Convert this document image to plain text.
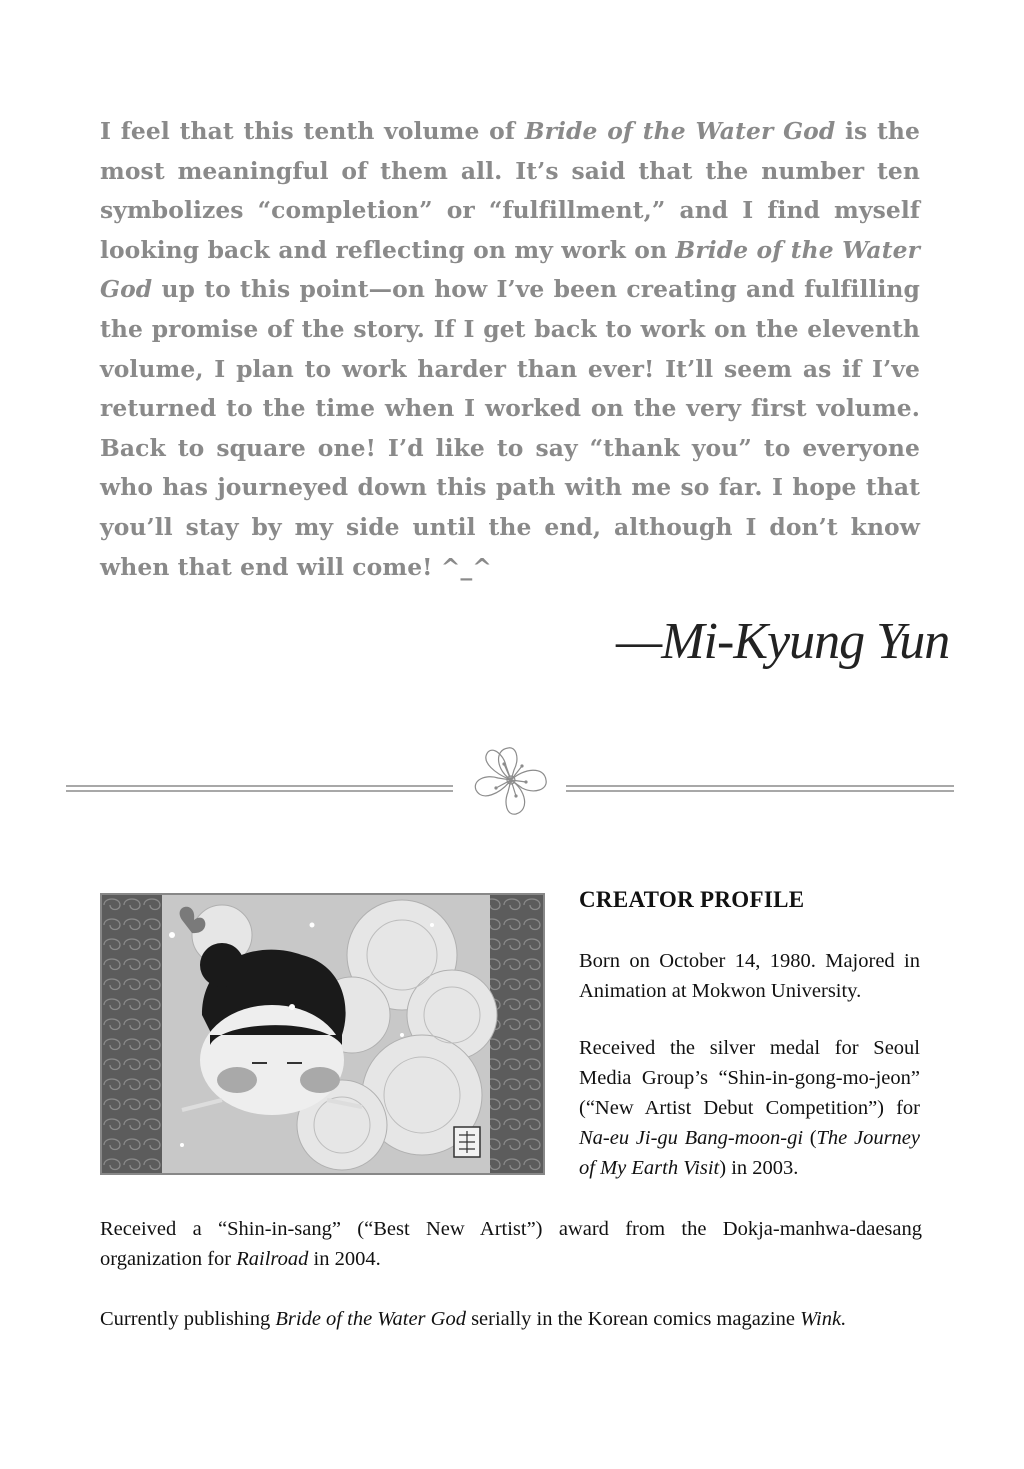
I feel that this tenth volume of Bride of the Water God is the most meaningful of them all. It’s said that the number ten symbolizes “completion” or “fulfillment,” and I find myself looking back and reflecting on my work on Bride of the Water God up to this point—on how I’ve been creating and fulfilling the promise of the story. If I get back to work on the eleventh volume, I plan to work harder than ever! It’ll seem as if I’ve returned to the time when I worked on the very first volume. Back to square one! I’d like to say “thank you” to everyone who has journeyed down this path with me so far. I hope that you’ll stay by my side until the end, although I don’t know when that end will come! ^_^
—Mi-Kyung Yun
CREATOR PROFILE

Born on October 14, 1980. Majored in Animation at Mokwon University.

Received the silver medal for Seoul Media Group’s “Shin-in-gong-mo-jeon” (“New Artist Debut Competition”) for Na-eu Ji-gu Bang-moon-gi (The Journey of My Earth Visit) in 2003.

Received a “Shin-in-sang” (“Best New Artist”) award from the Dokja-manhwa-daesang organization for Railroad in 2004.

Currently publishing Bride of the Water God serially in the Korean comics magazine Wink.
